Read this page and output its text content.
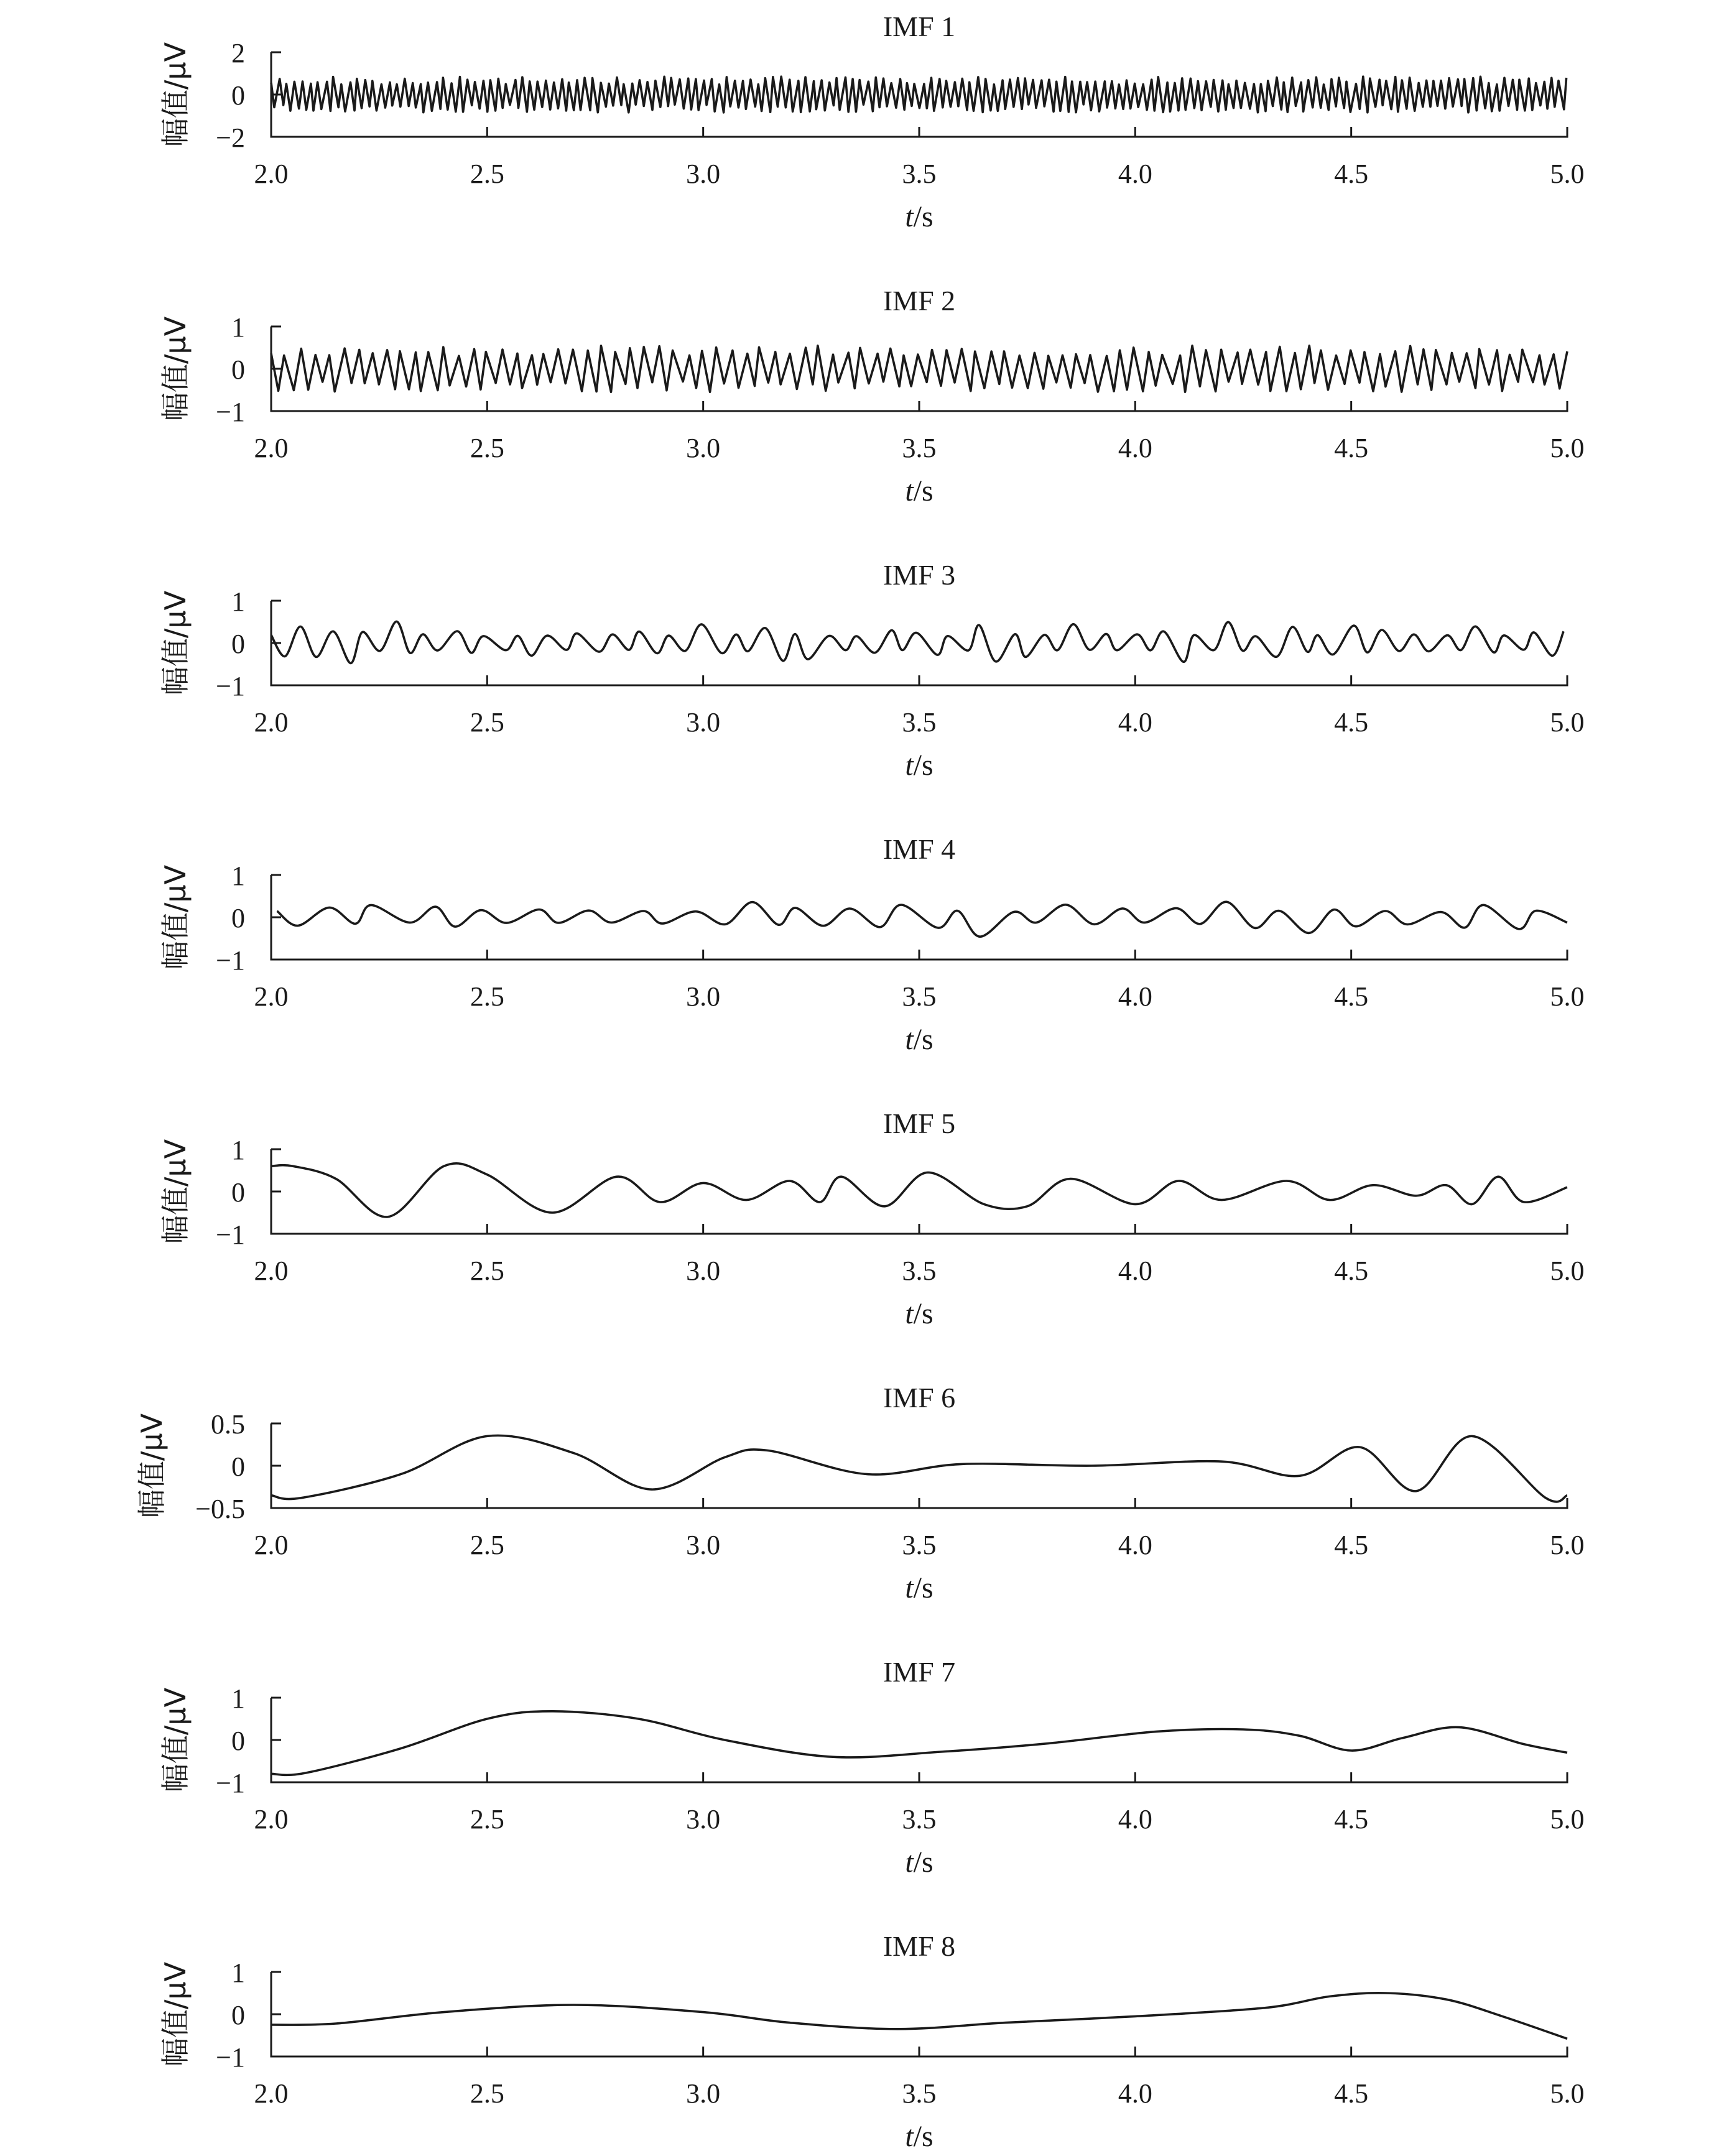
IMF 1
2
0
−2
2.0	2.5	3.0	3.5	4.0	4.5	5.0
t/s
幅值/μV
IMF 2
1
0
−1
2.0	2.5	3.0	3.5	4.0	4.5	5.0
t/s
幅值/μV
IMF 3
1
0
−1
2.0	2.5	3.0	3.5	4.0	4.5	5.0
t/s
幅值/μV
IMF 4
1
0
−1
2.0	2.5	3.0	3.5	4.0	4.5	5.0
t/s
幅值/μV
IMF 5
1
0
−1
2.0	2.5	3.0	3.5	4.0	4.5	5.0
t/s
幅值/μV
IMF 6
0.5
0
−0.5
2.0	2.5	3.0	3.5	4.0	4.5	5.0
t/s
幅值/μV
IMF 7
1
0
−1
2.0	2.5	3.0	3.5	4.0	4.5	5.0
t/s
幅值/μV
IMF 8
1
0
−1
2.0	2.5	3.0	3.5	4.0	4.5	5.0
t/s
幅值/μV
